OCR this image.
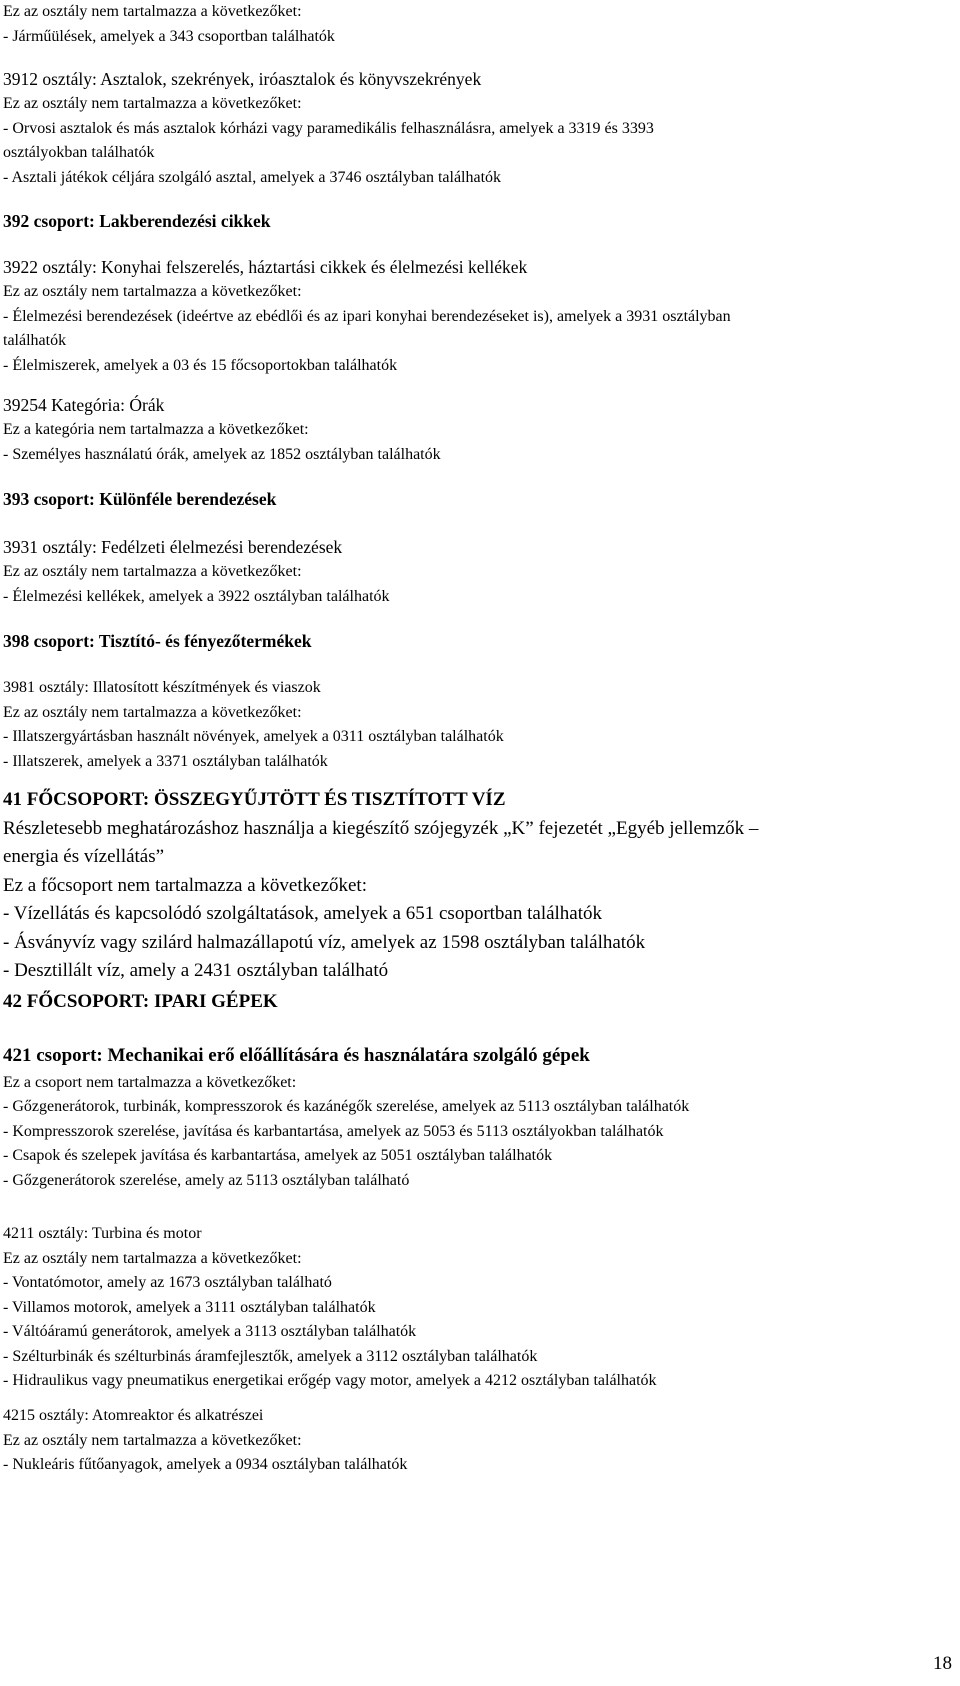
Ez az osztály nem tartalmazza a következőket:
- Járműülések, amelyek a 343 csoportban találhatók
3912 osztály: Asztalok, szekrények, iróasztalok és könyvszekrények
Ez az osztály nem tartalmazza a következőket:
- Orvosi asztalok és más asztalok kórházi vagy paramedikális felhasználásra, amelyek a 3319 és 3393
osztályokban találhatók
- Asztali játékok céljára szolgáló asztal, amelyek a 3746 osztályban találhatók
392 csoport: Lakberendezési cikkek
3922 osztály: Konyhai felszerelés, háztartási cikkek és élelmezési kellékek
Ez az osztály nem tartalmazza a következőket:
- Élelmezési berendezések (ideértve az ebédlői és az ipari konyhai berendezéseket is), amelyek a 3931 osztályban
találhatók
- Élelmiszerek, amelyek a 03 és 15 főcsoportokban találhatók
39254 Kategória: Órák
Ez a kategória nem tartalmazza a következőket:
- Személyes használatú órák, amelyek az 1852 osztályban találhatók
393 csoport: Különféle berendezések
3931 osztály: Fedélzeti élelmezési berendezések
Ez az osztály nem tartalmazza a következőket:
- Élelmezési kellékek, amelyek a 3922 osztályban találhatók
398 csoport: Tisztító- és fényezőtermékek
3981 osztály: Illatosított készítmények és viaszok
Ez az osztály nem tartalmazza a következőket:
- Illatszergyártásban használt növények, amelyek a 0311 osztályban találhatók
- Illatszerek, amelyek a 3371 osztályban találhatók
41 FŐCSOPORT: ÖSSZEGYŰJTÖTT ÉS TISZTÍTOTT VÍZ
Részletesebb meghatározáshoz használja a kiegészítő szójegyzék „K” fejezetét „Egyéb jellemzők –
energia és vízellátás”
Ez a főcsoport nem tartalmazza a következőket:
- Vízellátás és kapcsolódó szolgáltatások, amelyek a 651 csoportban találhatók
- Ásványvíz vagy szilárd halmazállapotú víz, amelyek az 1598 osztályban találhatók
- Desztillált víz, amely a 2431 osztályban található
42 FŐCSOPORT: IPARI GÉPEK
421 csoport: Mechanikai erő előállítására és használatára szolgáló gépek
Ez a csoport nem tartalmazza a következőket:
- Gőzgenerátorok, turbinák, kompresszorok és kazánégők szerelése, amelyek az 5113 osztályban találhatók
- Kompresszorok szerelése, javítása és karbantartása, amelyek az 5053 és 5113 osztályokban találhatók
- Csapok és szelepek javítása és karbantartása, amelyek az 5051 osztályban találhatók
- Gőzgenerátorok szerelése, amely az 5113 osztályban található
4211 osztály: Turbina és motor
Ez az osztály nem tartalmazza a következőket:
- Vontatómotor, amely az 1673 osztályban található
- Villamos motorok, amelyek a 3111 osztályban találhatók
- Váltóáramú generátorok, amelyek a 3113 osztályban találhatók
- Szélturbinák és szélturbinás áramfejlesztők, amelyek a 3112 osztályban találhatók
- Hidraulikus vagy pneumatikus energetikai erőgép vagy motor, amelyek a 4212 osztályban találhatók
4215 osztály: Atomreaktor és alkatrészei
Ez az osztály nem tartalmazza a következőket:
- Nukleáris fűtőanyagok, amelyek a 0934 osztályban találhatók
18
